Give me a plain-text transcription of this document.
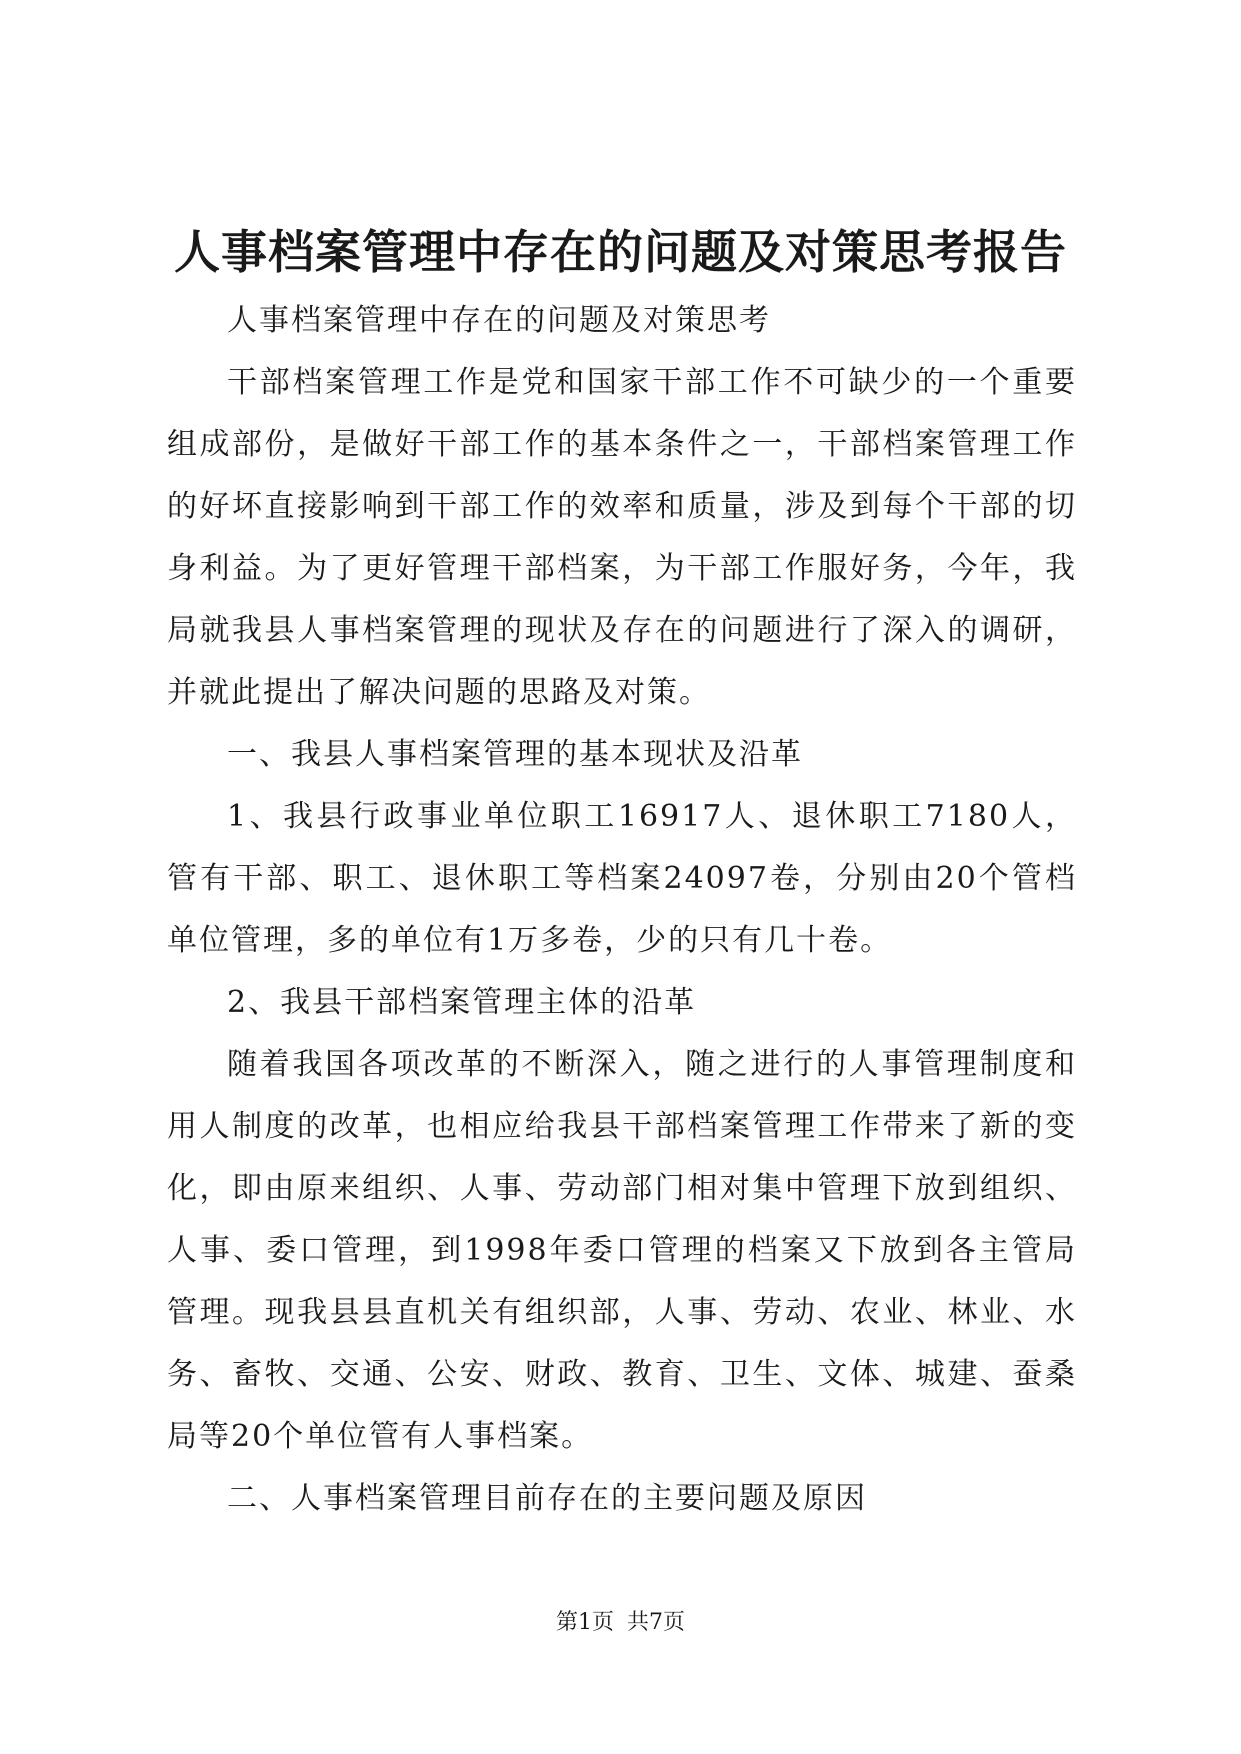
人事档案管理中存在的问题及对策思考报告

人事档案管理中存在的问题及对策思考

干部档案管理工作是党和国家干部工作不可缺少的一个重要组成部份，是做好干部工作的基本条件之一，干部档案管理工作的好坏直接影响到干部工作的效率和质量，涉及到每个干部的切身利益。为了更好管理干部档案，为干部工作服好务，今年，我局就我县人事档案管理的现状及存在的问题进行了深入的调研，并就此提出了解决问题的思路及对策。

一、我县人事档案管理的基本现状及沿革

1、我县行政事业单位职工16917人、退休职工7180人，管有干部、职工、退休职工等档案24097卷，分别由20个管档单位管理，多的单位有1万多卷，少的只有几十卷。

2、我县干部档案管理主体的沿革

随着我国各项改革的不断深入，随之进行的人事管理制度和用人制度的改革，也相应给我县干部档案管理工作带来了新的变化，即由原来组织、人事、劳动部门相对集中管理下放到组织、人事、委口管理，到1998年委口管理的档案又下放到各主管局管理。现我县县直机关有组织部，人事、劳动、农业、林业、水务、畜牧、交通、公安、财政、教育、卫生、文体、城建、蚕桑局等20个单位管有人事档案。

二、人事档案管理目前存在的主要问题及原因

第1页 共7页
